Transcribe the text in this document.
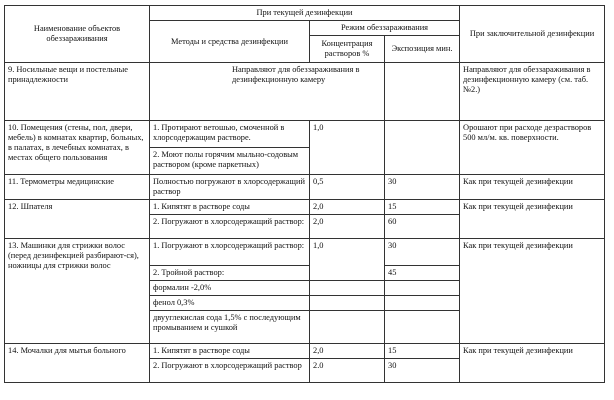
Наименование объектов обеззараживания	При текущей дезинфекции			При заключительной дезинфекции
	Методы и средства дезинфекции	Режим обеззараживания		
		Концентрация растворов %	Экспозиция мин.	
9. Носильные вещи и постельные принадлежности	Направляют для обеззараживания в дезинфекционную камеру			Направляют для обеззараживания в дезинфекционную камеру (см. таб. №2.)
10. Помещения (стены, пол, двери, мебель) в комнатах квартир, больных, в палатах, в лечебных комнатах, в местах общего пользования	1. Протирают ветошью, смоченной в хлорсодержащим растворе.	1,0		Орошают при расходе дезрастворов 500 мл/м. кв. поверхности.
	2. Моют полы горячим мыльно-содовым раствором (кроме паркетных)			
11. Термометры медицинские	Полностью погружают в хлорсодержащий раствор	0,5	30	Как при текущей дезинфекции
12. Шпателя	1. Кипятят в растворе соды	2,0	15	Как при текущей дезинфекции
	2. Погружают в хлорсодержащий раствор:	2,0	60	
13. Машинки для стрижки волос (перед дезинфекцией разбирают-ся), ножницы для стрижки волос	1. Погружают в хлорсодержащий раствор:	1,0	30	Как при текущей дезинфекции
	2. Тройной раствор:		45	
	формалин -2,0%			
	фенол 0,3%			
	двууглекислая сода 1,5% с последующим промыванием и сушкой			
14. Мочалки для мытья больного	1. Кипятят в растворе соды	2,0	15	Как при текущей дезинфекции
	2. Погружают в хлорсодержащий раствор	2.0	30	
